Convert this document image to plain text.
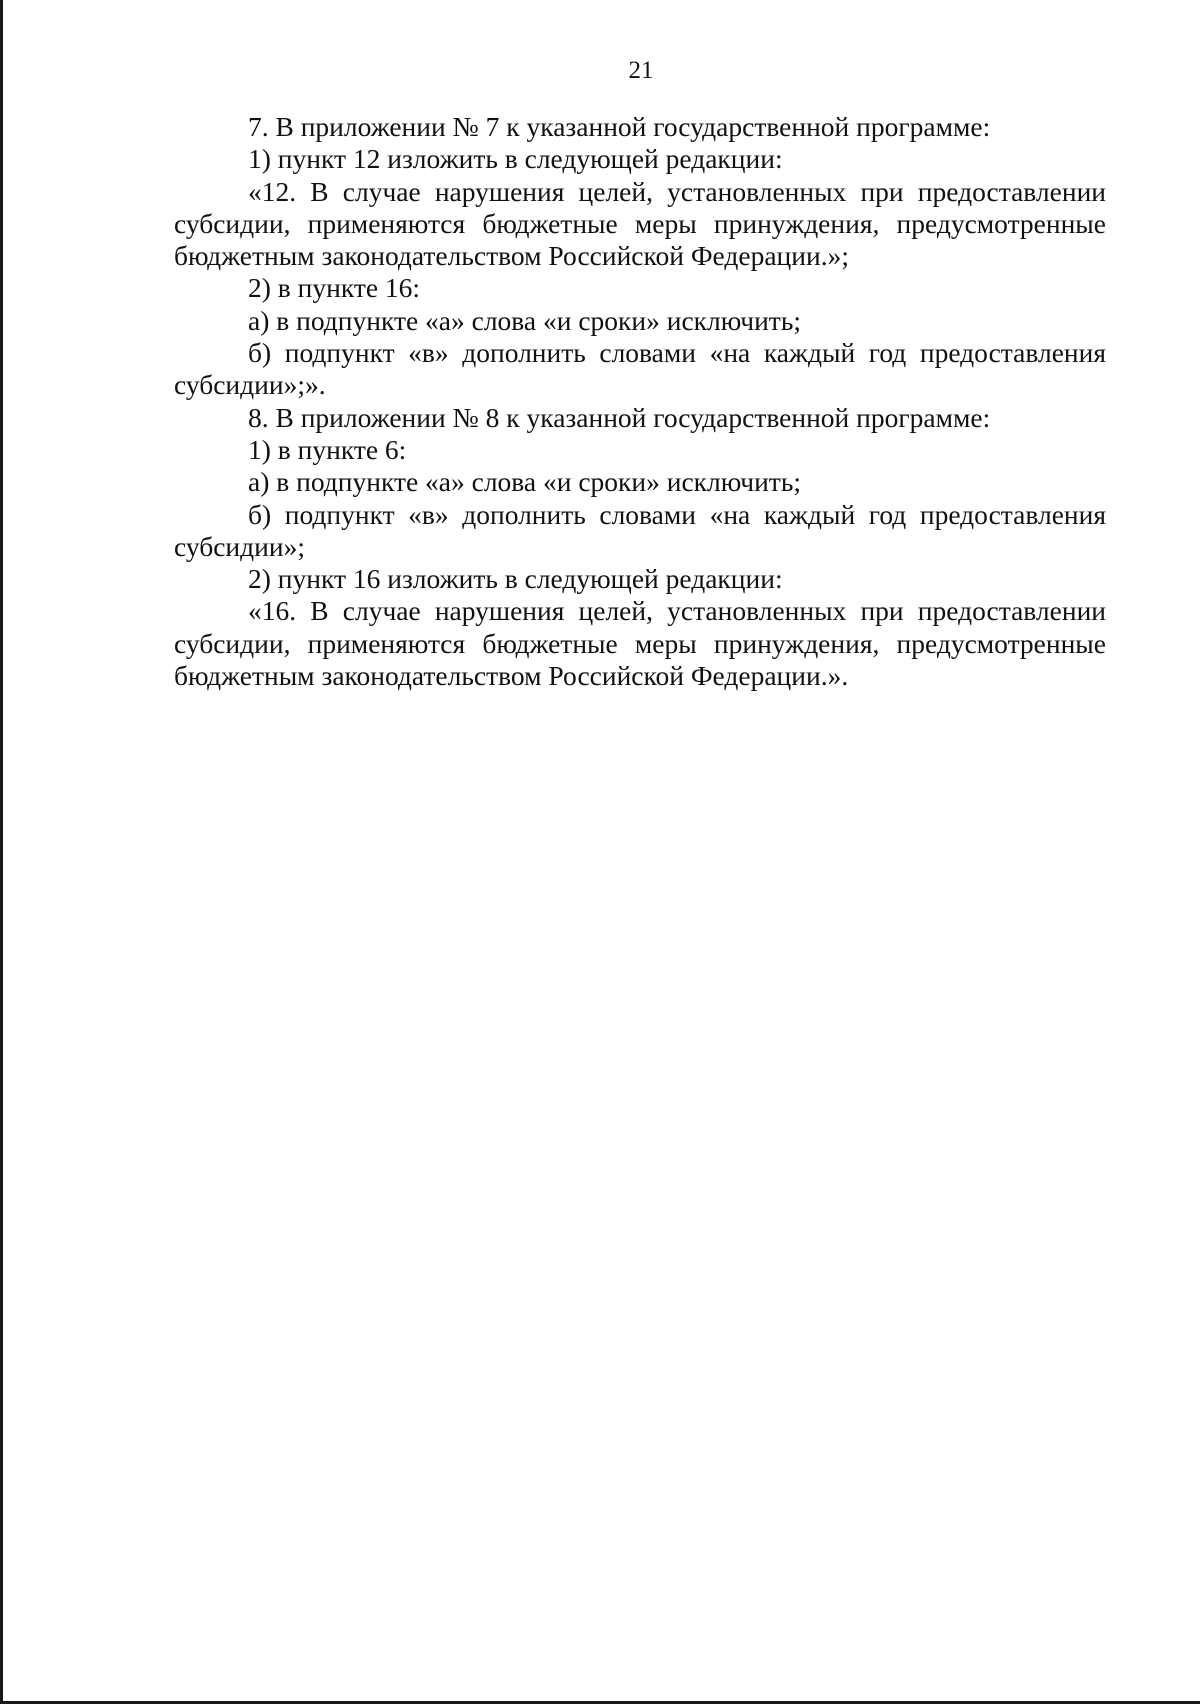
21

7. В приложении № 7 к указанной государственной программе:

1) пункт 12 изложить в следующей редакции:

«12. В случае нарушения целей, установленных при предоставлении субсидии, применяются бюджетные меры принуждения, предусмотренные бюджетным законодательством Российской Федерации.»;

2) в пункте 16:

а) в подпункте «а» слова «и сроки» исключить;

б) подпункт «в» дополнить словами «на каждый год предоставления субсидии»;».

8. В приложении № 8 к указанной государственной программе:

1) в пункте 6:

а) в подпункте «а» слова «и сроки» исключить;

б) подпункт «в» дополнить словами «на каждый год предоставления субсидии»;

2) пункт 16 изложить в следующей редакции:

«16. В случае нарушения целей, установленных при предоставлении субсидии, применяются бюджетные меры принуждения, предусмотренные бюджетным законодательством Российской Федерации.».
